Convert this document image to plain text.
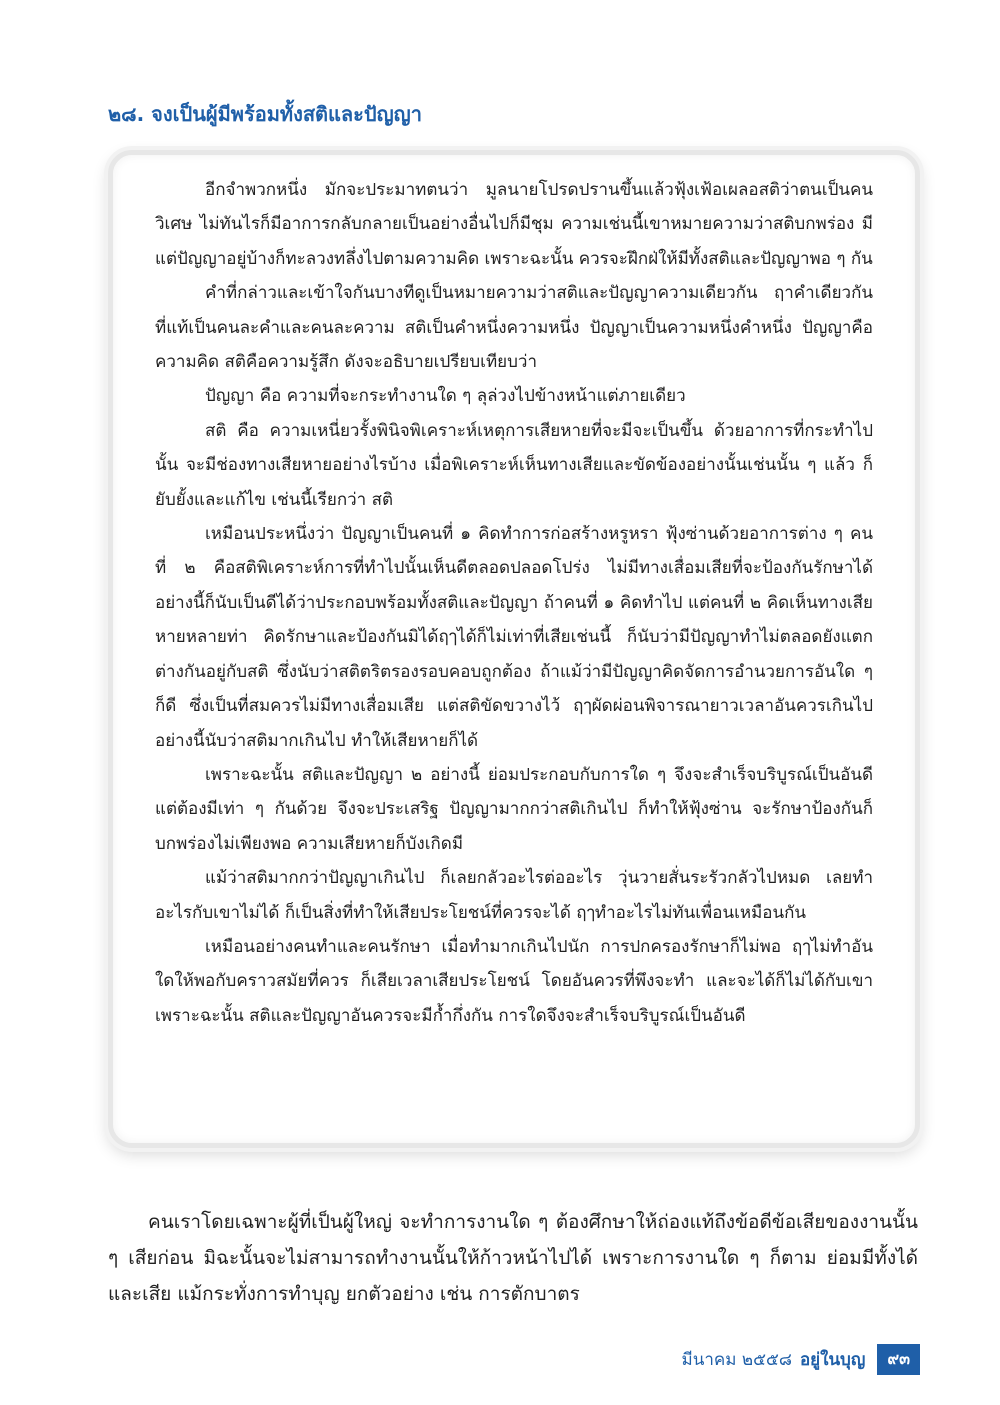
๒๘. จงเป็นผู้มีพร้อมทั้งสติและปัญญา

อีกจำพวกหนึ่ง มักจะประมาทตนว่า มูลนายโปรดปรานขึ้นแล้วฟุ้งเฟ้อเผลอสติว่าตนเป็นคนวิเศษ ไม่ทันไรก็มีอาการกลับกลายเป็นอย่างอื่นไปก็มีชุม ความเช่นนี้เขาหมายความว่าสติบกพร่อง มีแต่ปัญญาอยู่บ้างก็ทะลวงทลึ่งไปตามความคิด เพราะฉะนั้น ควรจะฝึกฝ่ให้มีทั้งสติและปัญญาพอ ๆ กัน

คำที่กล่าวและเข้าใจกันบางทีดูเป็นหมายความว่าสติและปัญญาความเดียวกัน ฤาคำเดียวกันที่แท้เป็นคนละคำและคนละความ สติเป็นคำหนึ่งความหนึ่ง ปัญญาเป็นความหนึ่งคำหนึ่ง ปัญญาคือความคิด สติคือความรู้สึก ดังจะอธิบายเปรียบเทียบว่า

ปัญญา คือ ความที่จะกระทำงานใด ๆ ลุล่วงไปข้างหน้าแต่ภายเดียว

สติ คือ ความเหนี่ยวรั้งพินิจพิเคราะห์เหตุการเสียหายที่จะมีจะเป็นขึ้น ด้วยอาการที่กระทำไปนั้น จะมีช่องทางเสียหายอย่างไรบ้าง เมื่อพิเคราะห์เห็นทางเสียและขัดข้องอย่างนั้นเช่นนั้น ๆ แล้ว ก็ยับยั้งและแก้ไข เช่นนี้เรียกว่า สติ

เหมือนประหนึ่งว่า ปัญญาเป็นคนที่ ๑ คิดทำการก่อสร้างหรูหรา ฟุ้งซ่านด้วยอาการต่าง ๆ คนที่ ๒ คือสติพิเคราะห์การที่ทำไปนั้นเห็นดีตลอดปลอดโปร่ง ไม่มีทางเสื่อมเสียที่จะป้องกันรักษาได้ อย่างนี้ก็นับเป็นดีได้ว่าประกอบพร้อมทั้งสติและปัญญา ถ้าคนที่ ๑ คิดทำไป แต่คนที่ ๒ คิดเห็นทางเสียหายหลายท่า คิดรักษาและป้องกันมิได้ฤๅได้ก็ไม่เท่าที่เสียเช่นนี้ ก็นับว่ามีปัญญาทำไม่ตลอดยังแตกต่างกันอยู่กับสติ ซึ่งนับว่าสติตริตรองรอบคอบถูกต้อง ถ้าแม้ว่ามีปัญญาคิดจัดการอำนวยการอันใด ๆ ก็ดี ซึ่งเป็นที่สมควรไม่มีทางเสื่อมเสีย แต่สติขัดขวางไว้ ฤๅผัดผ่อนพิจารณายาวเวลาอันควรเกินไป อย่างนี้นับว่าสติมากเกินไป ทำให้เสียหายก็ได้

เพราะฉะนั้น สติและปัญญา ๒ อย่างนี้ ย่อมประกอบกับการใด ๆ จึงจะสำเร็จบริบูรณ์เป็นอันดี แต่ต้องมีเท่า ๆ กันด้วย จึงจะประเสริฐ ปัญญามากกว่าสติเกินไป ก็ทำให้ฟุ้งซ่าน จะรักษาป้องกันก็บกพร่องไม่เพียงพอ ความเสียหายก็บังเกิดมี

แม้ว่าสติมากกว่าปัญญาเกินไป ก็เลยกลัวอะไรต่ออะไร วุ่นวายสั่นระรัวกลัวไปหมด เลยทำอะไรกับเขาไม่ได้ ก็เป็นสิ่งที่ทำให้เสียประโยชน์ที่ควรจะได้ ฤๅทำอะไรไม่ทันเพื่อนเหมือนกัน

เหมือนอย่างคนทำและคนรักษา เมื่อทำมากเกินไปนัก การปกครองรักษาก็ไม่พอ ฤๅไม่ทำอันใดให้พอกับคราวสมัยที่ควร ก็เสียเวลาเสียประโยชน์ โดยอันควรที่พึงจะทำ และจะได้ก็ไม่ได้กับเขา เพราะฉะนั้น สติและปัญญาอันควรจะมีก้ำกึ่งกัน การใดจึงจะสำเร็จบริบูรณ์เป็นอันดี

คนเราโดยเฉพาะผู้ที่เป็นผู้ใหญ่ จะทำการงานใด ๆ ต้องศึกษาให้ถ่องแท้ถึงข้อดีข้อเสียของงานนั้น ๆ เสียก่อน มิฉะนั้นจะไม่สามารถทำงานนั้นให้ก้าวหน้าไปได้ เพราะการงานใด ๆ ก็ตาม ย่อมมีทั้งได้และเสีย แม้กระทั่งการทำบุญ ยกตัวอย่าง เช่น การตักบาตร

มีนาคม ๒๕๕๘ อยู่ในบุญ	๙๓
